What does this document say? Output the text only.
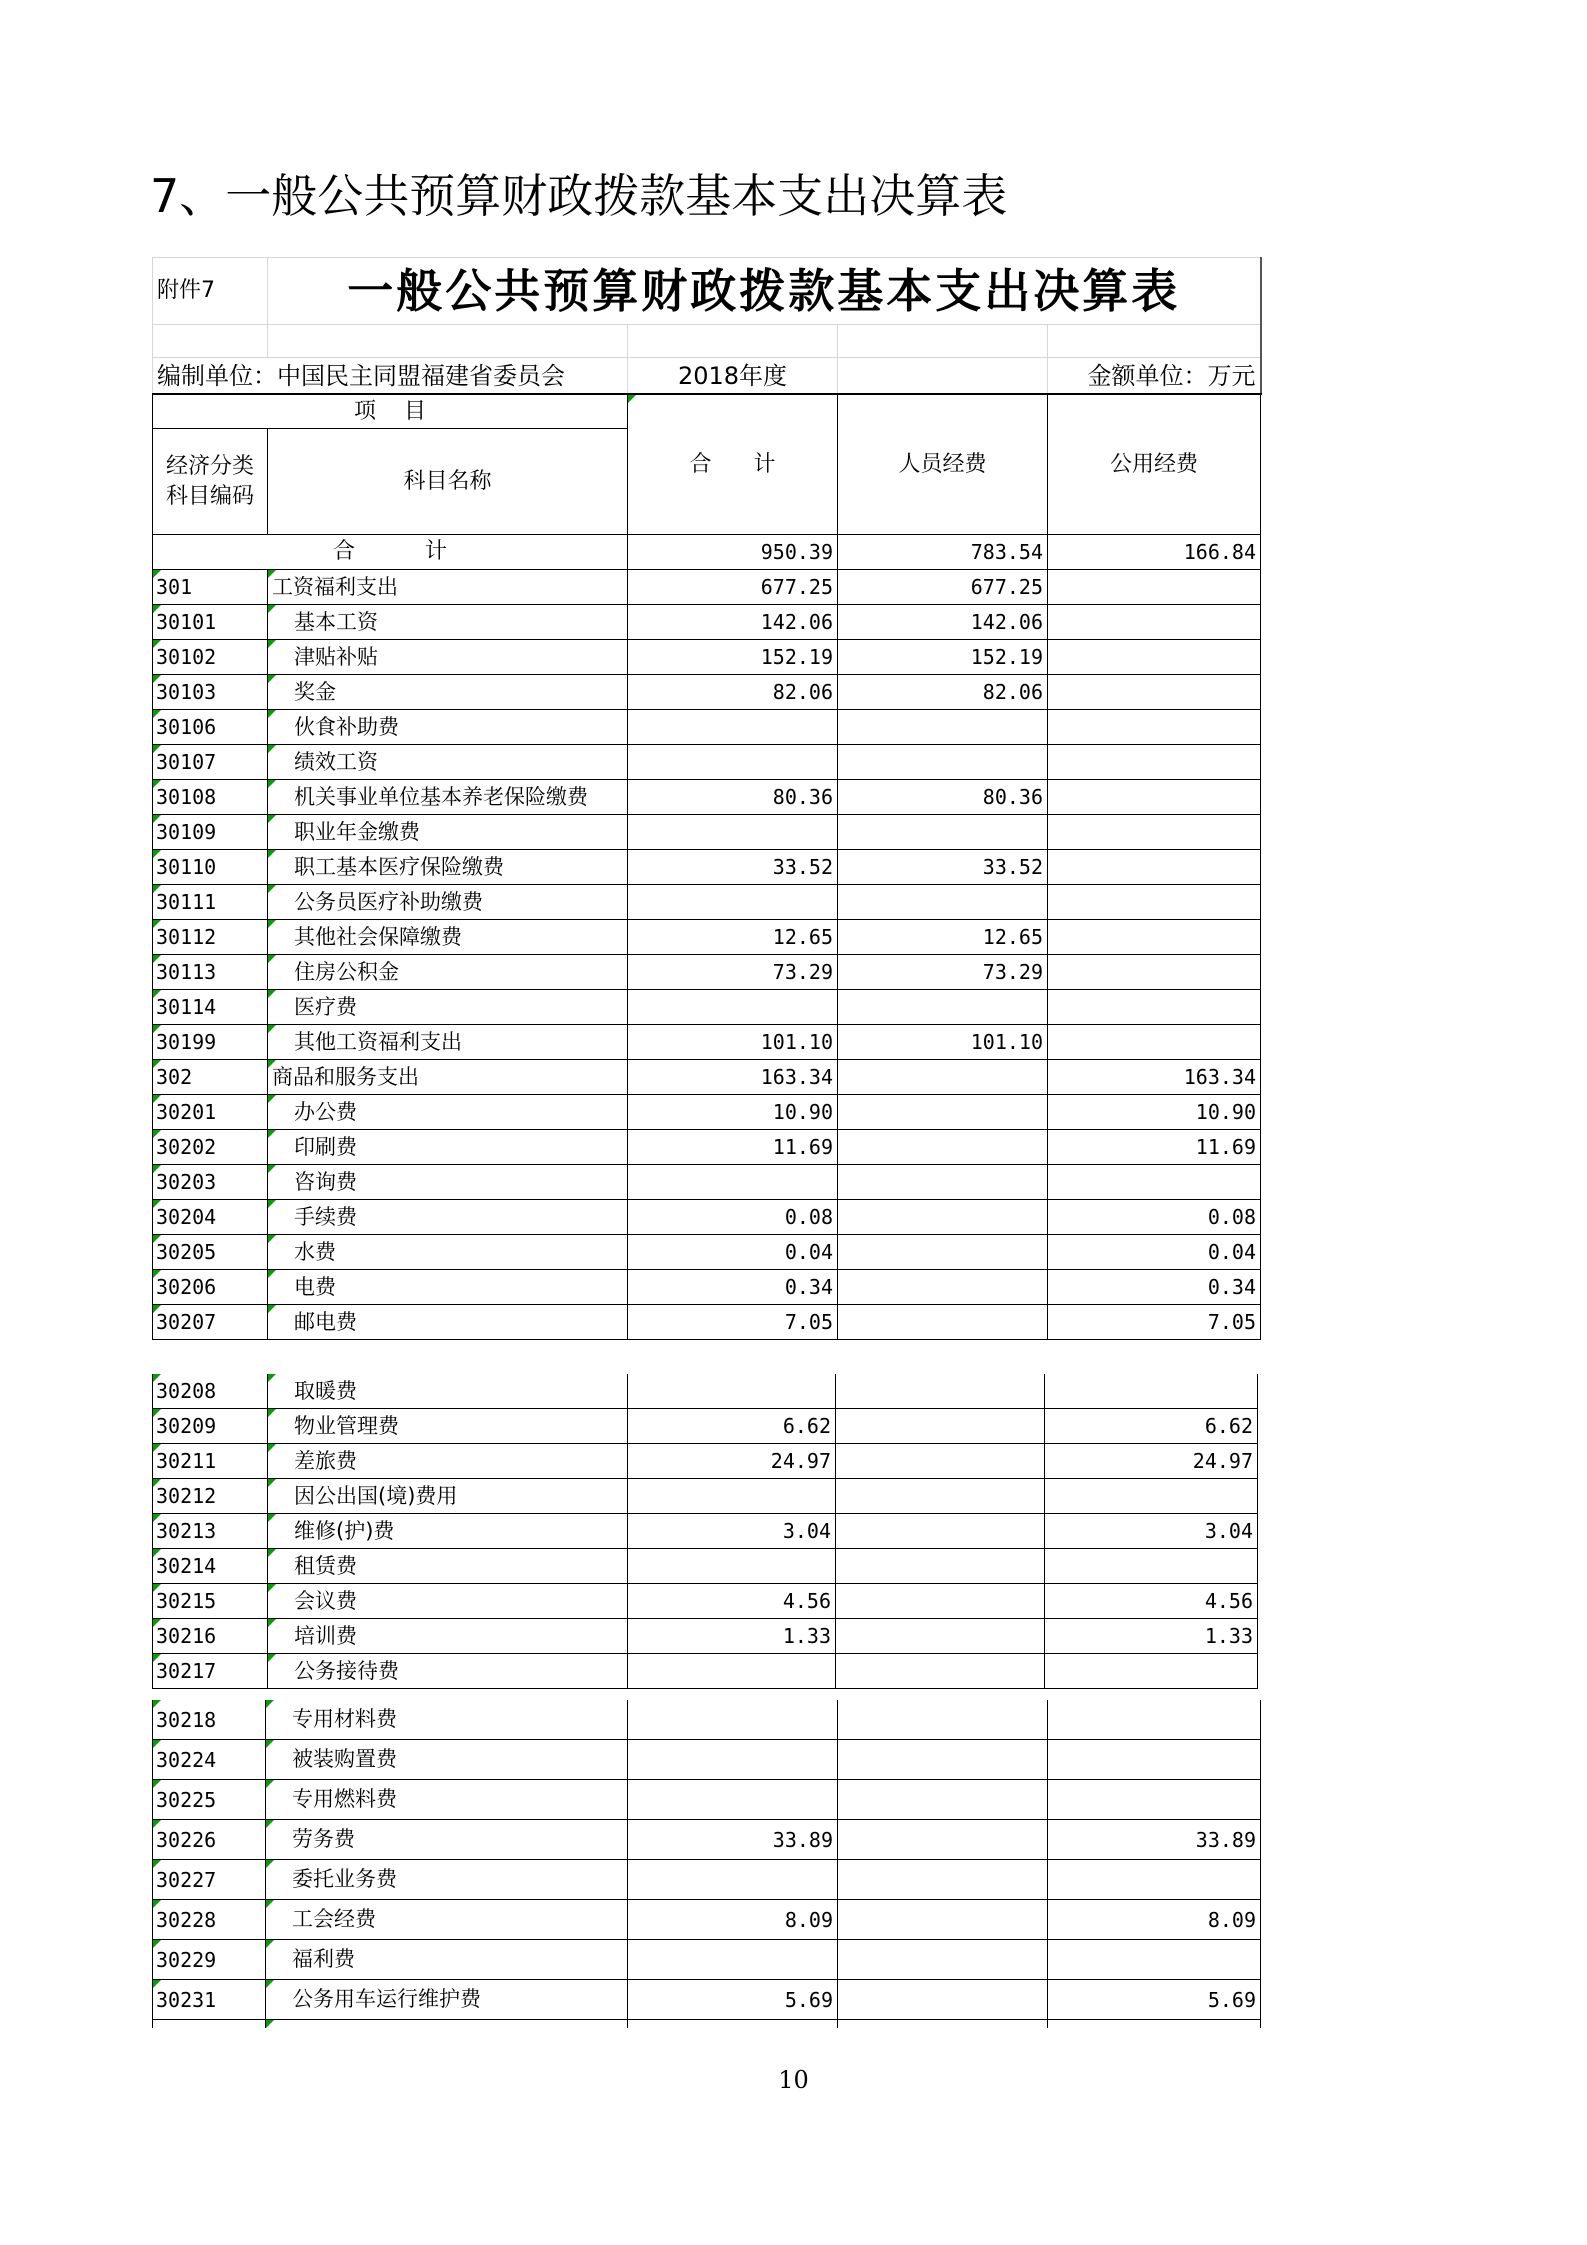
7、一般公共预算财政拨款基本支出决算表
附件7	一般公共预算财政拨款基本支出决算表			

编制单位：中国民主同盟福建省委员会		2018年度		金额单位：万元
项    目		合      计	人员经费	公用经费
经济分类
科目编码	科目名称			
合          计		950.39	783.54	166.84
301	工资福利支出	677.25	677.25	
30101	基本工资	142.06	142.06	
30102	津贴补贴	152.19	152.19	
30103	奖金	82.06	82.06	
30106	伙食补助费			
30107	绩效工资			
30108	机关事业单位基本养老保险缴费	80.36	80.36	
30109	职业年金缴费			
30110	职工基本医疗保险缴费	33.52	33.52	
30111	公务员医疗补助缴费			
30112	其他社会保障缴费	12.65	12.65	
30113	住房公积金	73.29	73.29	
30114	医疗费			
30199	其他工资福利支出	101.10	101.10	
302	商品和服务支出	163.34		163.34
30201	办公费	10.90		10.90
30202	印刷费	11.69		11.69
30203	咨询费			
30204	手续费	0.08		0.08
30205	水费	0.04		0.04
30206	电费	0.34		0.34
30207	邮电费	7.05		7.05
30208	取暖费			
30209	物业管理费	6.62		6.62
30211	差旅费	24.97		24.97
30212	因公出国(境)费用			
30213	维修(护)费	3.04		3.04
30214	租赁费			
30215	会议费	4.56		4.56
30216	培训费	1.33		1.33
30217	公务接待费			
30218	专用材料费			
30224	被装购置费			
30225	专用燃料费			
30226	劳务费	33.89		33.89
30227	委托业务费			
30228	工会经费	8.09		8.09
30229	福利费			
30231	公务用车运行维护费	5.69		5.69

10
